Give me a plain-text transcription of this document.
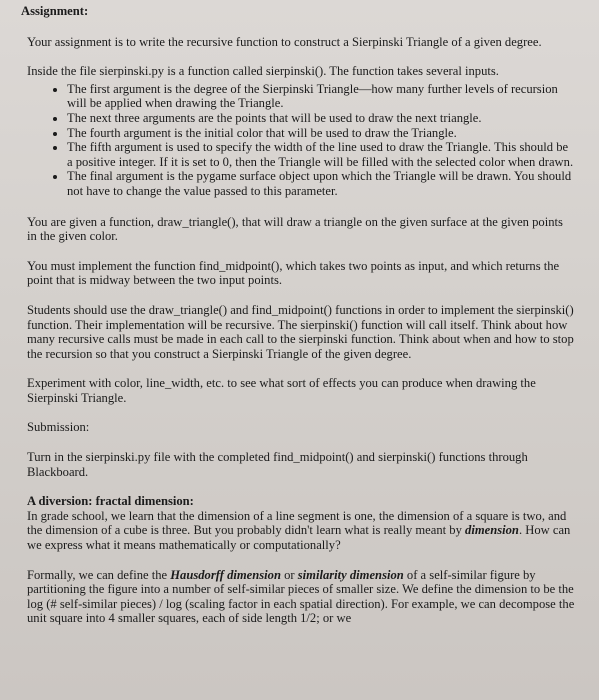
Assignment:

Your assignment is to write the recursive function to construct a Sierpinski Triangle of a given degree.

Inside the file sierpinski.py is a function called sierpinski(). The function takes several inputs.

• The first argument is the degree of the Sierpinski Triangle—how many further levels of recursion will be applied when drawing the Triangle.
• The next three arguments are the points that will be used to draw the next triangle.
• The fourth argument is the initial color that will be used to draw the Triangle.
• The fifth argument is used to specify the width of the line used to draw the Triangle. This should be a positive integer. If it is set to 0, then the Triangle will be filled with the selected color when drawn.
• The final argument is the pygame surface object upon which the Triangle will be drawn. You should not have to change the value passed to this parameter.

You are given a function, draw_triangle(), that will draw a triangle on the given surface at the given points in the given color.

You must implement the function find_midpoint(), which takes two points as input, and which returns the point that is midway between the two input points.

Students should use the draw_triangle() and find_midpoint() functions in order to implement the sierpinski() function. Their implementation will be recursive. The sierpinski() function will call itself. Think about how many recursive calls must be made in each call to the sierpinski function. Think about when and how to stop the recursion so that you construct a Sierpinski Triangle of the given degree.

Experiment with color, line_width, etc. to see what sort of effects you can produce when drawing the Sierpinski Triangle.

Submission:

Turn in the sierpinski.py file with the completed find_midpoint() and sierpinski() functions through Blackboard.

A diversion: fractal dimension:
In grade school, we learn that the dimension of a line segment is one, the dimension of a square is two, and the dimension of a cube is three. But you probably didn't learn what is really meant by dimension. How can we express what it means mathematically or computationally?

Formally, we can define the Hausdorff dimension or similarity dimension of a self-similar figure by partitioning the figure into a number of self-similar pieces of smaller size. We define the dimension to be the log (# self-similar pieces) / log (scaling factor in each spatial direction). For example, we can decompose the unit square into 4 smaller squares, each of side length 1/2; or we
